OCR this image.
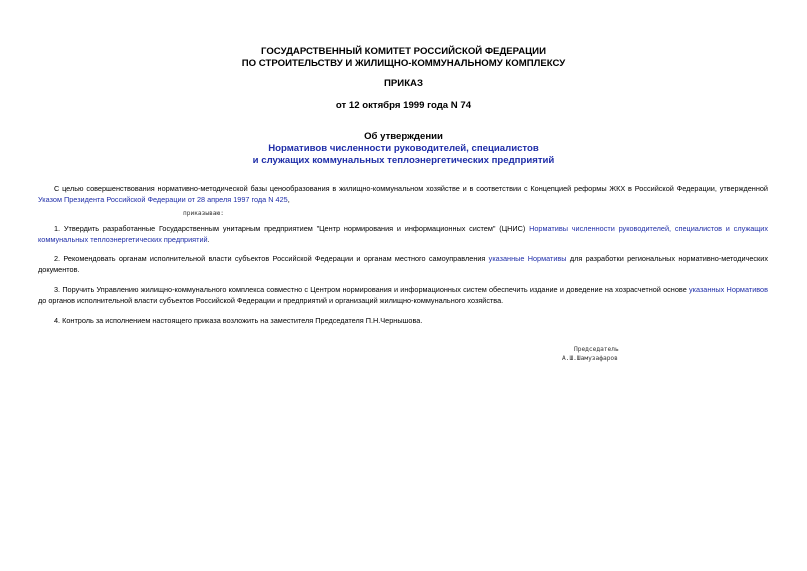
ГОСУДАРСТВЕННЫЙ КОМИТЕТ РОССИЙСКОЙ ФЕДЕРАЦИИ
ПО СТРОИТЕЛЬСТВУ И ЖИЛИЩНО-КОММУНАЛЬНОМУ КОМПЛЕКСУ
ПРИКАЗ
от 12 октября 1999 года N 74
Об утверждении
Нормативов численности руководителей, специалистов
и служащих коммунальных теплоэнергетических предприятий
С целью совершенствования нормативно-методической базы ценообразования в жилищно-коммунальном хозяйстве и в соответствии с Концепцией реформы ЖКХ в Российской Федерации, утвержденной Указом Президента Российской Федерации от 28 апреля 1997 года N 425,
приказываю:
1. Утвердить разработанные Государственным унитарным предприятием "Центр нормирования и информационных систем" (ЦНИС) Нормативы численности руководителей, специалистов и служащих коммунальных теплоэнергетических предприятий.
2. Рекомендовать органам исполнительной власти субъектов Российской Федерации и органам местного самоуправления указанные Нормативы для разработки региональных нормативно-методических документов.
3. Поручить Управлению жилищно-коммунального комплекса совместно с Центром нормирования и информационных систем обеспечить издание и доведение на хозрасчетной основе указанных Нормативов до органов исполнительной власти субъектов Российской Федерации и предприятий и организаций жилищно-коммунального хозяйства.
4. Контроль за исполнением настоящего приказа возложить на заместителя Председателя П.Н.Чернышова.
Председатель
А.Ш.Шамузафаров
